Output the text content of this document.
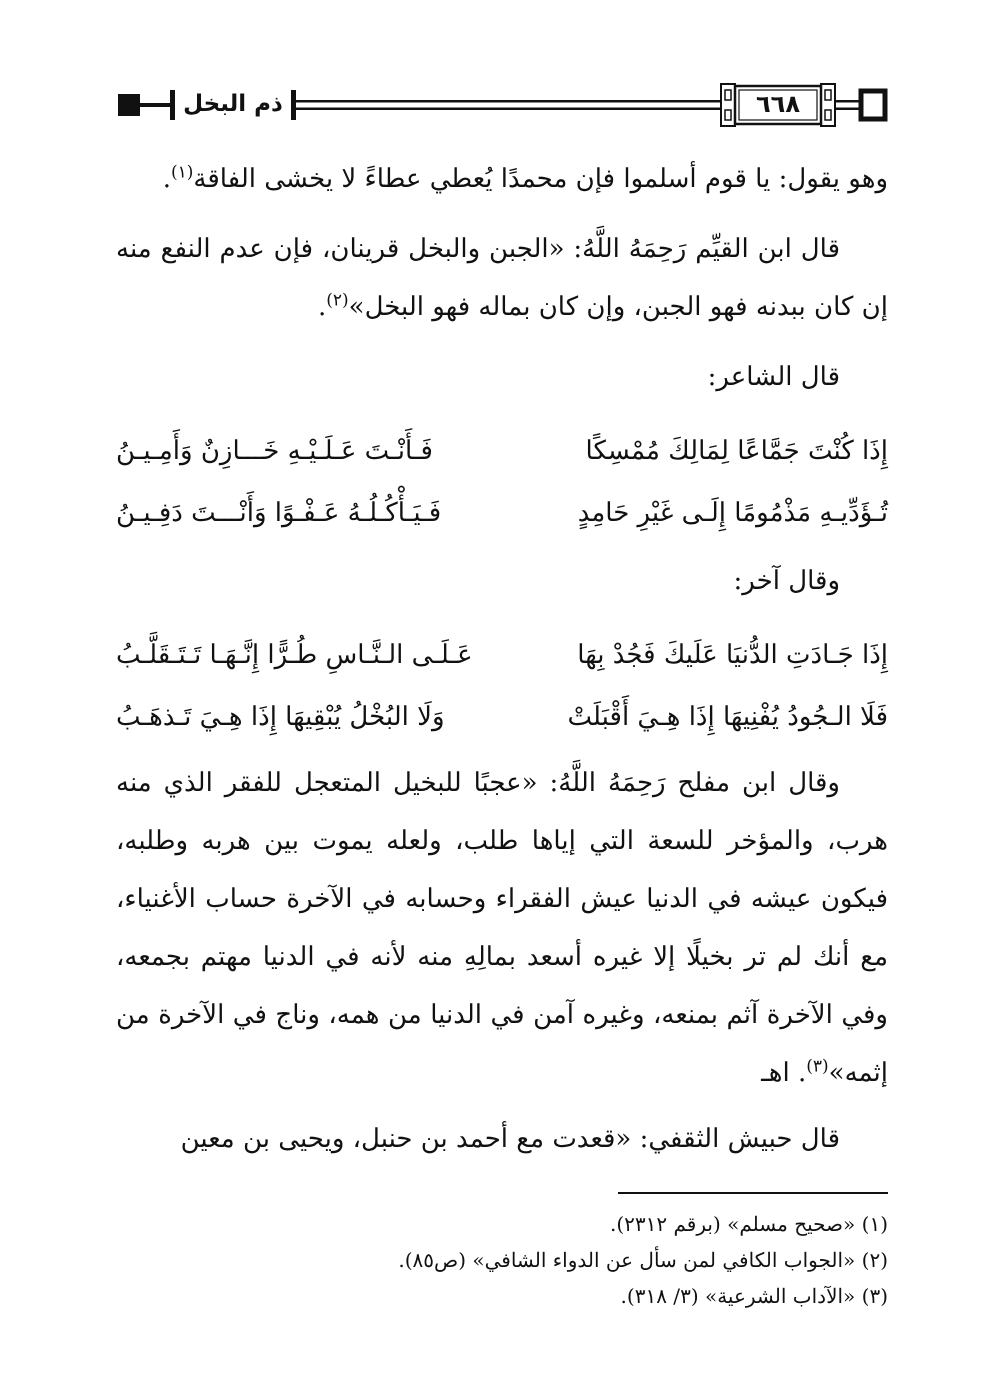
ذم البخل	٦٦٨

وهو يقول: يا قوم أسلموا فإن محمدًا يُعطي عطاءً لا يخشى الفاقة$^{(١)}$.

قال ابن القيِّم رَحِمَهُ اللَّهُ: «الجبن والبخل قرينان، فإن عدم النفع منه إن كان ببدنه فهو الجبن، وإن كان بماله فهو البخل»$^{(٢)}$.

قال الشاعر:

إِذَا كُنْتَ جَمَّاعًا لِمَالِكَ مُمْسِكًا
فَـأَنْـتَ عَـلَـيْـهِ خَـــازِنٌ وَأَمِـيـنُ
تُـؤَدِّيـهِ مَذْمُومًا إِلَـى غَيْرِ حَامِدٍ
فَـيَـأْكُـلُـهُ عَـفْـوًا وَأَنْـــتَ دَفِـيـنُ

وقال آخر:

إِذَا جَـادَتِ الدُّنيَا عَلَيكَ فَجُدْ بِهَا
عَـلَـى الـنَّـاسِ طُـرًّا إِنَّـهَـا تَـتَـقَلَّـبُ
فَلَا الـجُودُ يُفْنِيهَا إِذَا هِـيَ أَقْبَلَتْ
وَلَا البُخْلُ يُبْقِيهَا إِذَا هِـيَ تَـذهَـبُ

وقال ابن مفلح رَحِمَهُ اللَّهُ: «عجبًا للبخيل المتعجل للفقر الذي منه هرب، والمؤخر للسعة التي إياها طلب، ولعله يموت بين هربه وطلبه، فيكون عيشه في الدنيا عيش الفقراء وحسابه في الآخرة حساب الأغنياء، مع أنك لم تر بخيلًا إلا غيره أسعد بمالِهِ منه لأنه في الدنيا مهتم بجمعه، وفي الآخرة آثم بمنعه، وغيره آمن في الدنيا من همه، وناج في الآخرة من إثمه»$^{(٣)}$. اهـ

قال حبيش الثقفي: «قعدت مع أحمد بن حنبل، ويحيى بن معين

(١) «صحيح مسلم» (برقم ٢٣١٢).

(٢) «الجواب الكافي لمن سأل عن الدواء الشافي» (ص٨٥).

(٣) «الآداب الشرعية» (٣/ ٣١٨).
